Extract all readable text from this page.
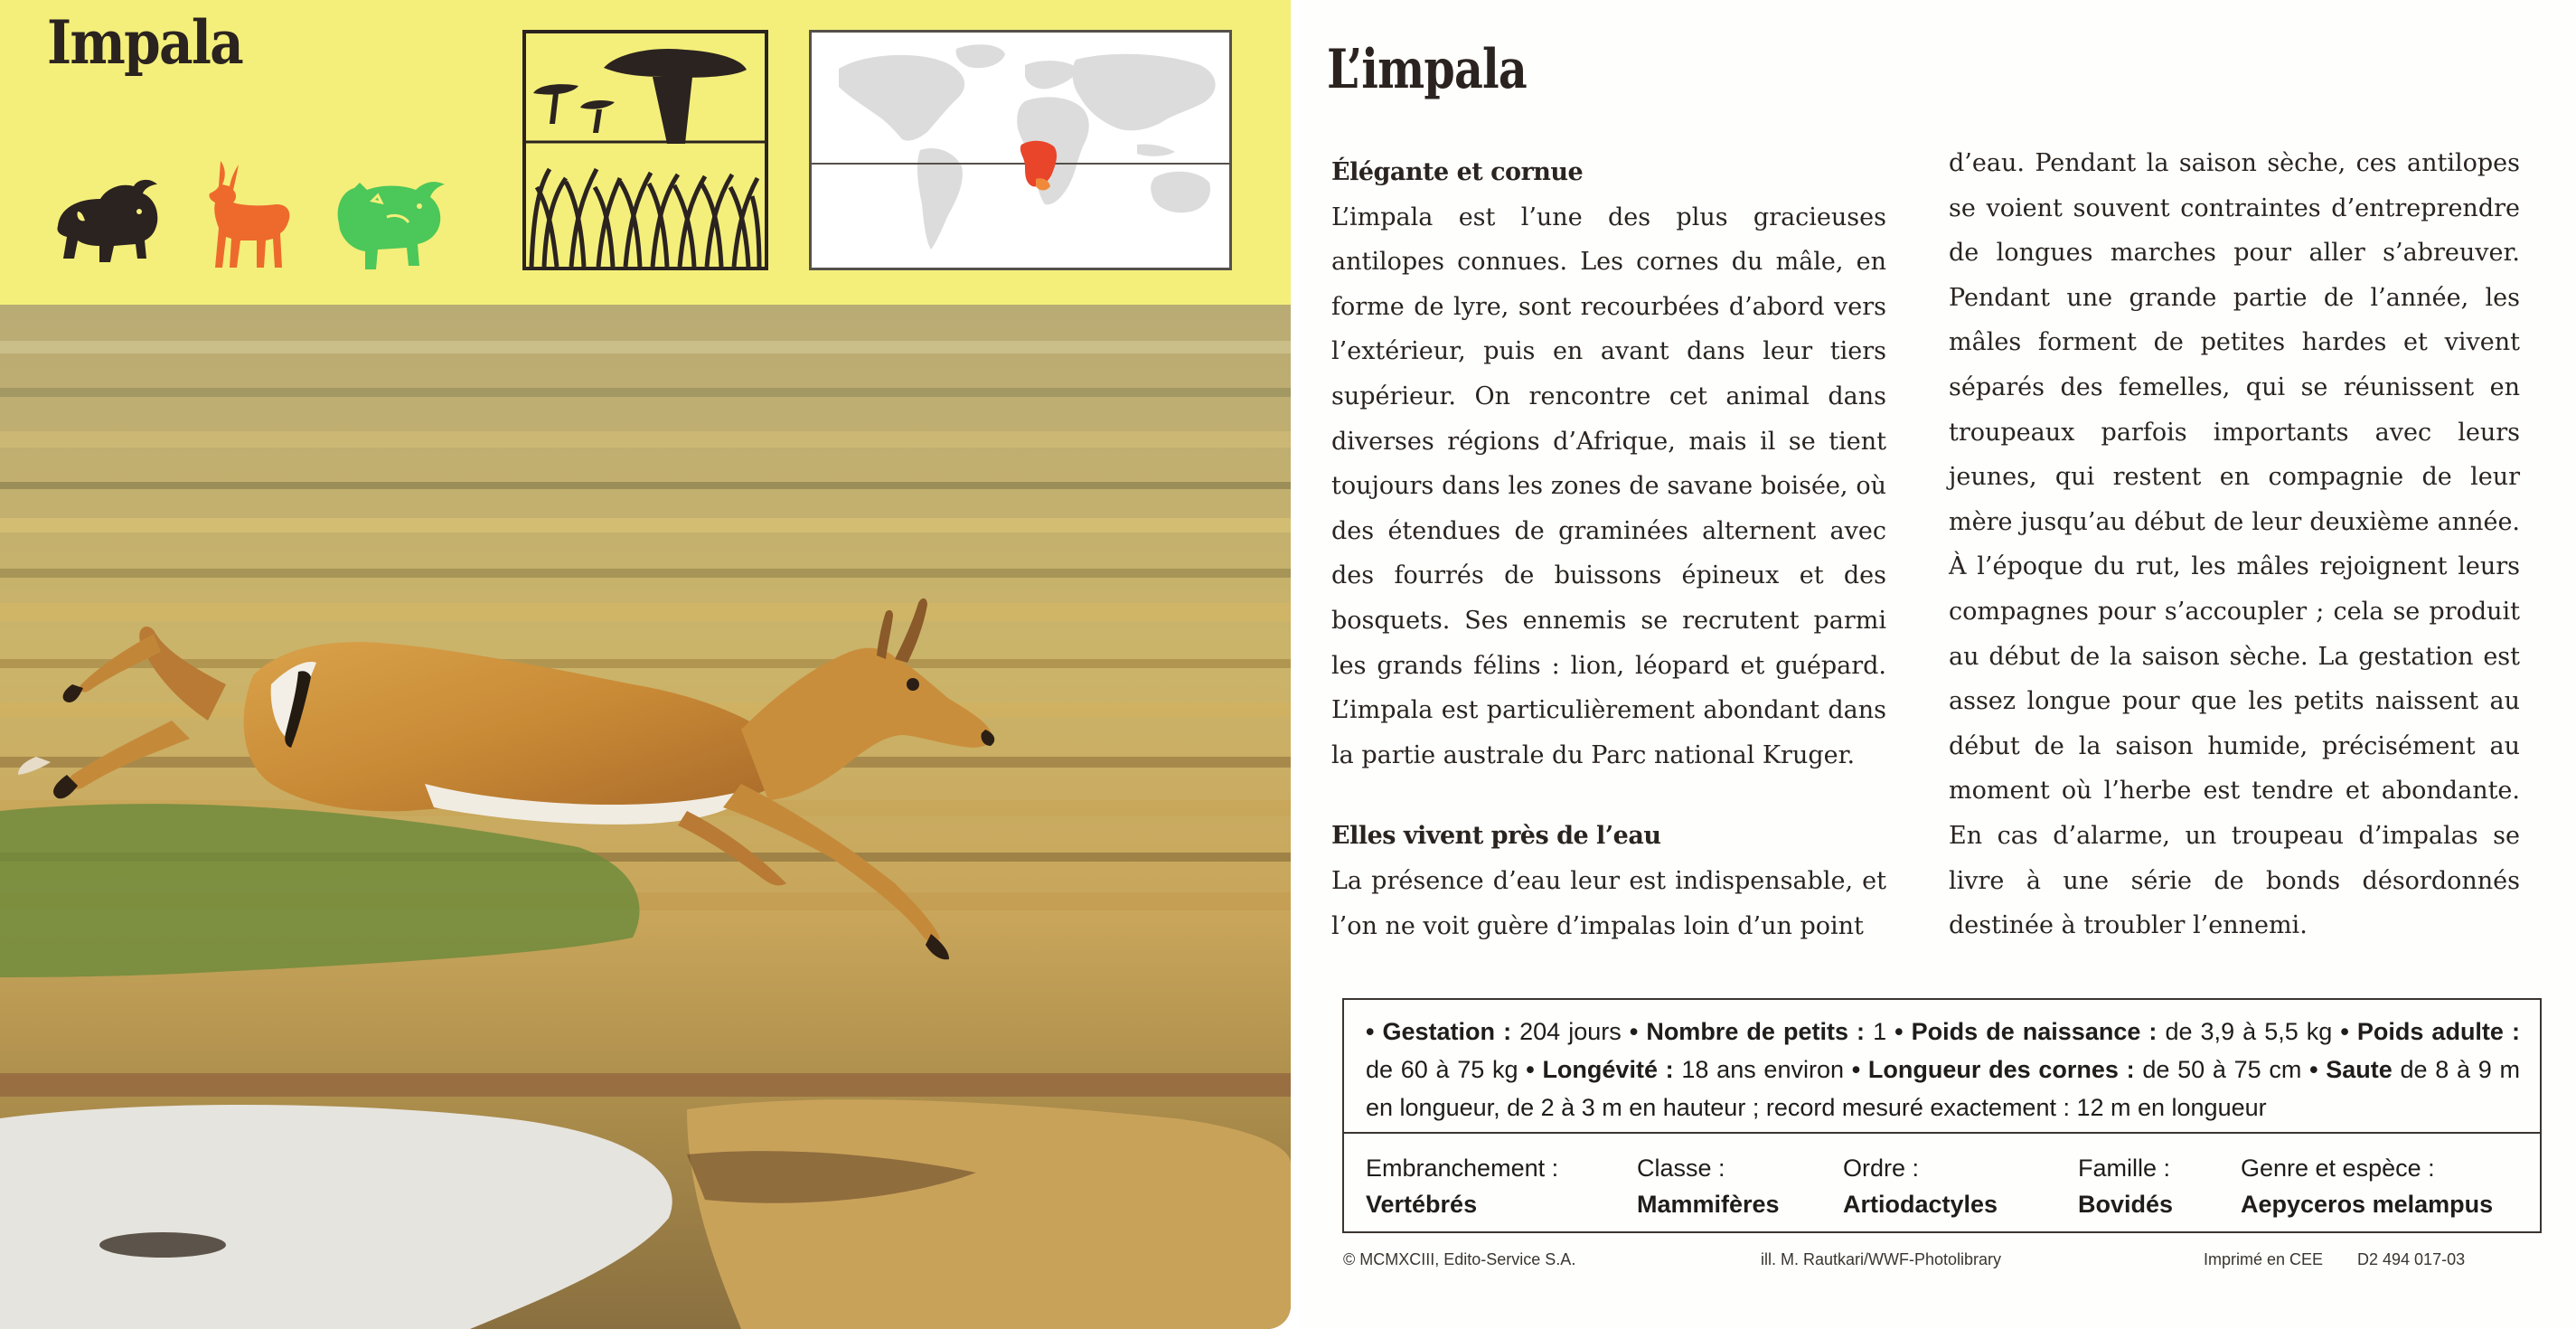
Impala	L’impala
Élégante et cornue
L’impala est l’une des plus gracieuses antilopes connues. Les cornes du mâle, en forme de lyre, sont recourbées d’abord vers l’extérieur, puis en avant dans leur tiers supérieur. On rencontre cet animal dans diverses régions d’Afrique, mais il se tient toujours dans les zones de savane boisée, où des étendues de graminées alternent avec des fourrés de buissons épineux et des bosquets. Ses ennemis se recrutent parmi les grands félins : lion, léopard et guépard. L’impala est particulièrement abondant dans la partie australe du Parc national Kruger.
Elles vivent près de l’eau
La présence d’eau leur est indispensable, et l’on ne voit guère d’impalas loin d’un point
d’eau. Pendant la saison sèche, ces antilopes se voient souvent contraintes d’entreprendre de longues marches pour aller s’abreuver. Pendant une grande partie de l’année, les mâles forment de petites hardes et vivent séparés des femelles, qui se réunissent en troupeaux parfois importants avec leurs jeunes, qui restent en compagnie de leur mère jusqu’au début de leur deuxième année. À l’époque du rut, les mâles rejoignent leurs compagnes pour s’accoupler ; cela se produit au début de la saison sèche. La gestation est assez longue pour que les petits naissent au début de la saison humide, précisément au moment où l’herbe est tendre et abondante. En cas d’alarme, un troupeau d’impalas se livre à une série de bonds désordonnés destinée à troubler l’ennemi.
• Gestation : 204 jours • Nombre de petits : 1 • Poids de naissance : de 3,9 à 5,5 kg • Poids adulte : de 60 à 75 kg • Longévité : 18 ans environ • Longueur des cornes : de 50 à 75 cm • Saute de 8 à 9 m en longueur, de 2 à 3 m en hauteur ; record mesuré exactement : 12 m en longueur
Embranchement :
Vertébrés
Classe :
Mammifères
Ordre :
Artiodactyles
Famille :
Bovidés
Genre et espèce :
Aepyceros melampus
© MCMXCIII, Edito-Service S.A.	ill. M. Rautkari/WWF-Photolibrary	Imprimé en CEE D2 494 017-03
